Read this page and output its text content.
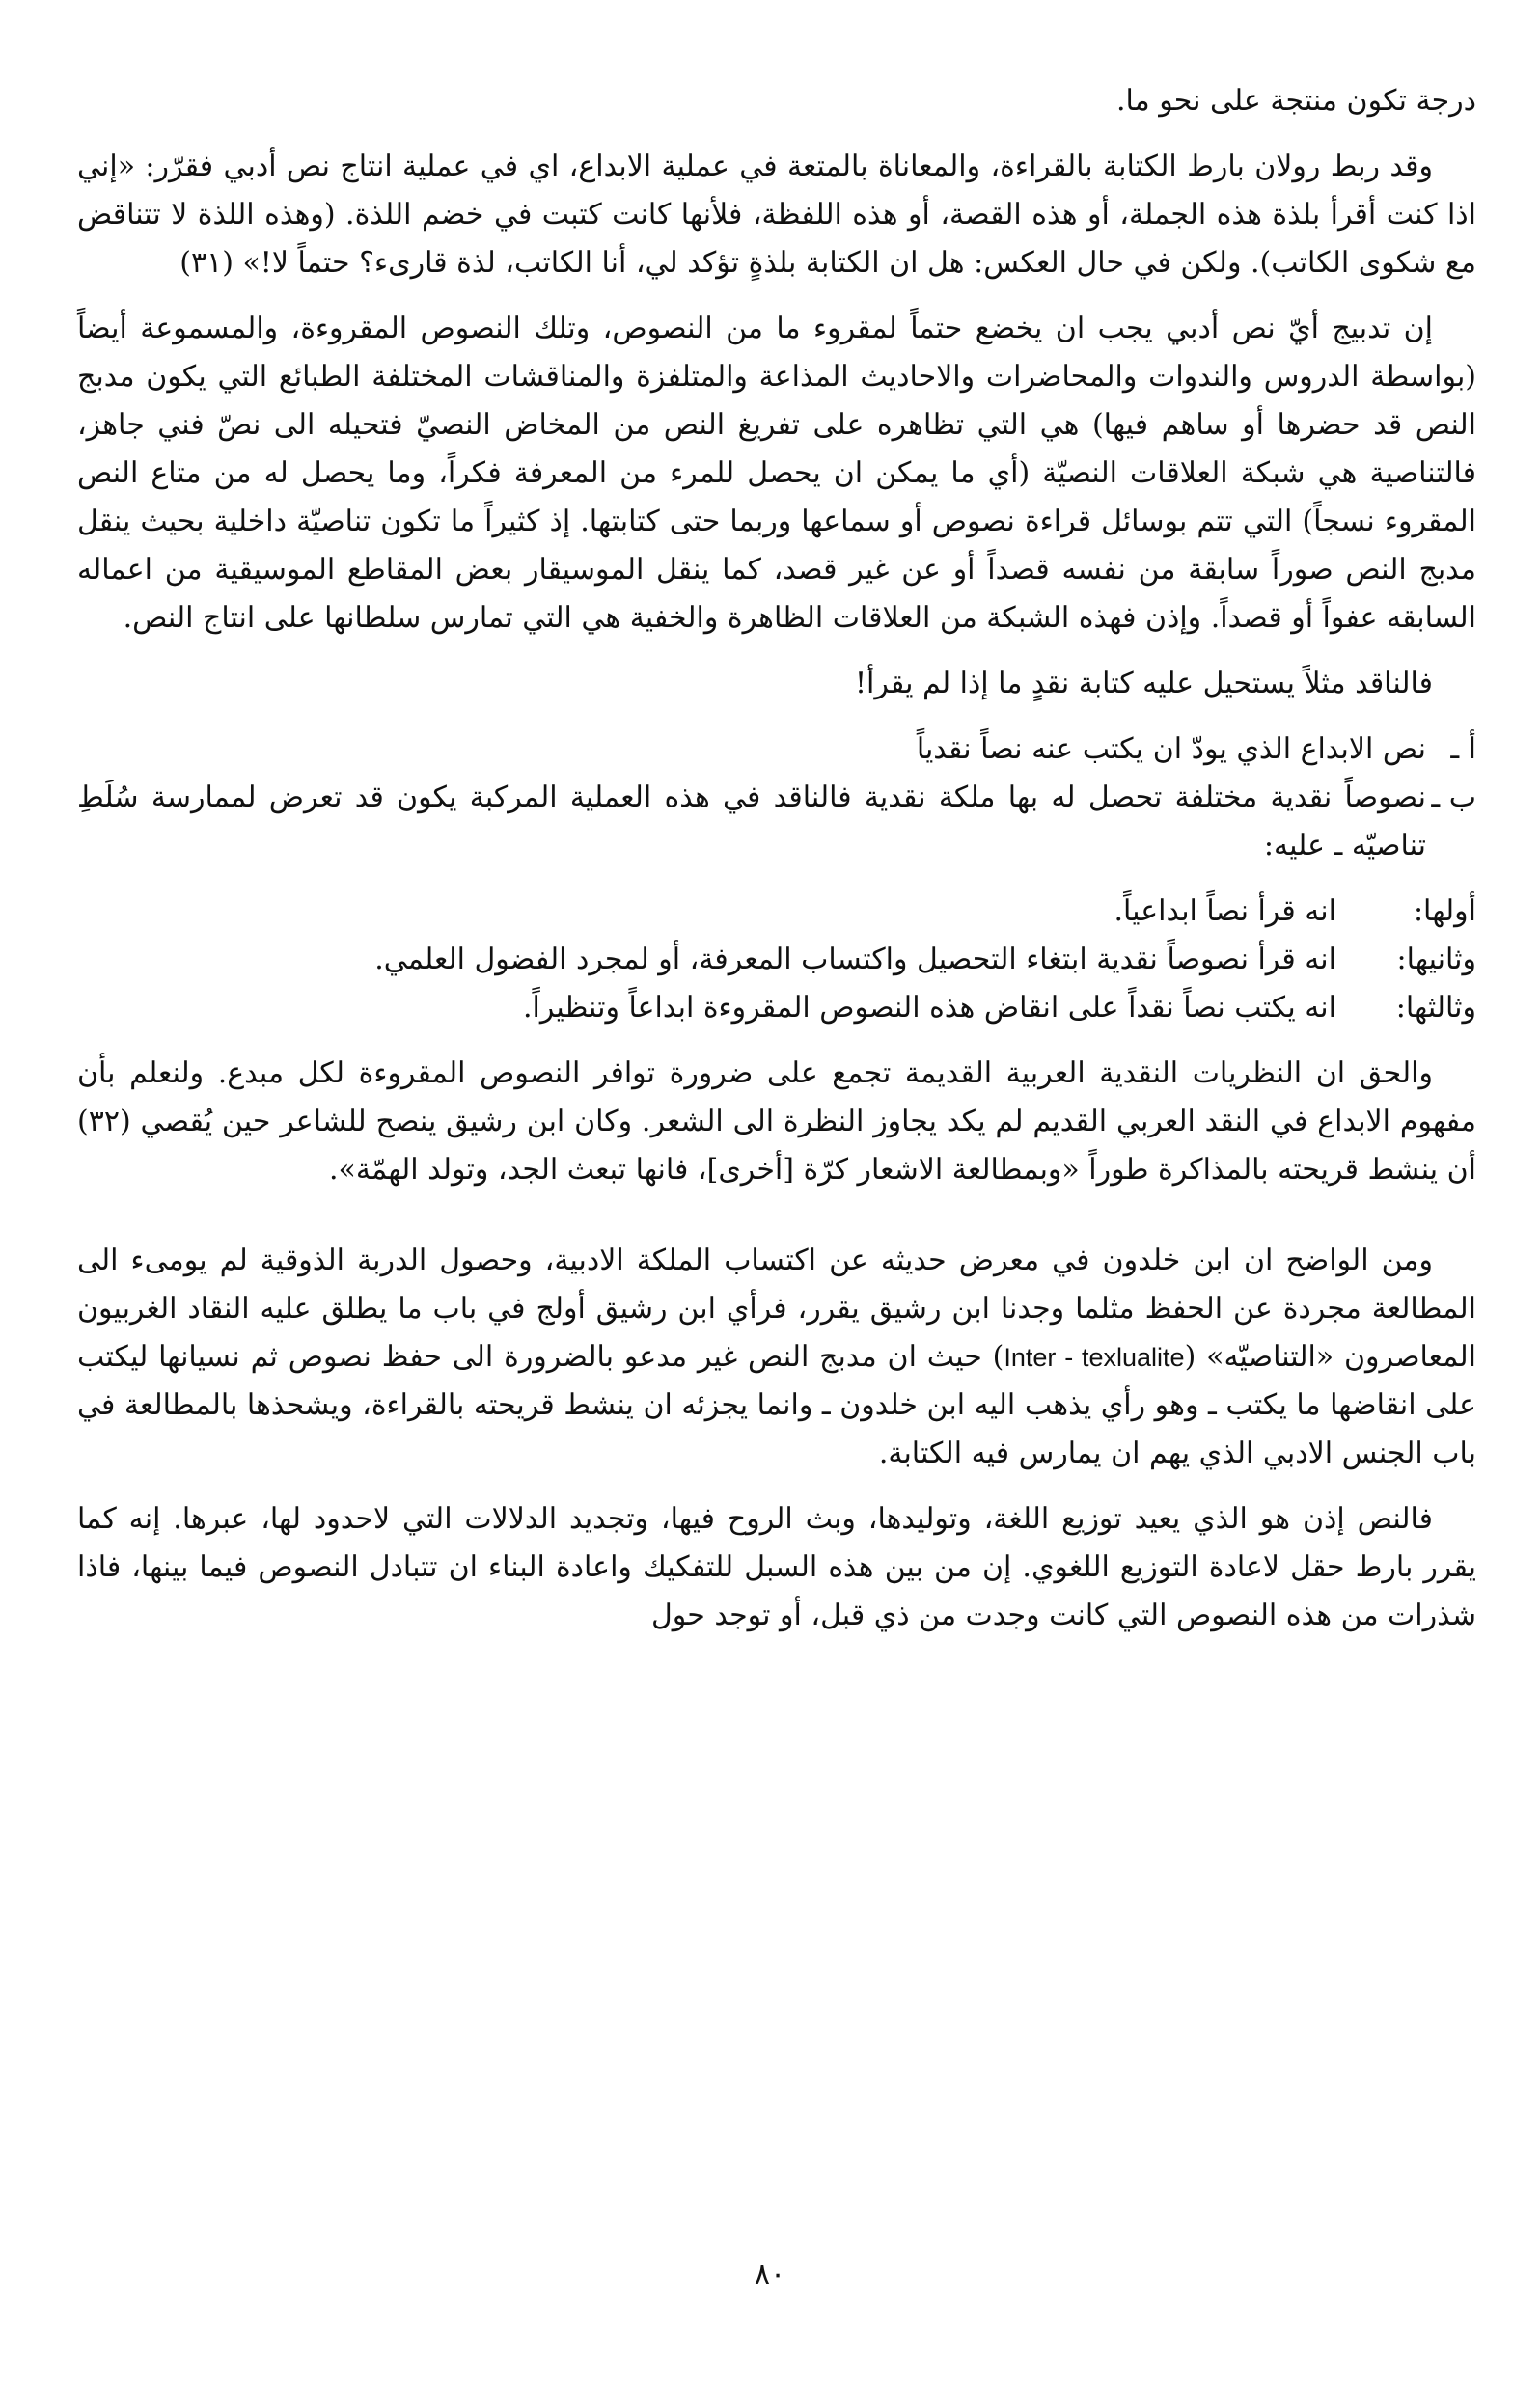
درجة تكون منتجة على نحو ما.

وقد ربط رولان بارط الكتابة بالقراءة، والمعاناة بالمتعة في عملية الابداع، اي في عملية انتاج نص أدبي فقرّر: «إني اذا كنت أقرأ بلذة هذه الجملة، أو هذه القصة، أو هذه اللفظة، فلأنها كانت كتبت في خضم اللذة. (وهذه اللذة لا تتناقض مع شكوى الكاتب). ولكن في حال العكس: هل ان الكتابة بلذةٍ تؤكد لي، أنا الكاتب، لذة قارىء؟ حتماً لا!» (٣١)

إن تدبيج أيّ نص أدبي يجب ان يخضع حتماً لمقروء ما من النصوص، وتلك النصوص المقروءة، والمسموعة أيضاً (بواسطة الدروس والندوات والمحاضرات والاحاديث المذاعة والمتلفزة والمناقشات المختلفة الطبائع التي يكون مدبج النص قد حضرها أو ساهم فيها) هي التي تظاهره على تفريغ النص من المخاض النصيّ فتحيله الى نصّ فني جاهز، فالتناصية هي شبكة العلاقات النصيّة (أي ما يمكن ان يحصل للمرء من المعرفة فكراً، وما يحصل له من متاع النص المقروء نسجاً) التي تتم بوسائل قراءة نصوص أو سماعها وربما حتى كتابتها. إذ كثيراً ما تكون تناصيّة داخلية بحيث ينقل مدبج النص صوراً سابقة من نفسه قصداً أو عن غير قصد، كما ينقل الموسيقار بعض المقاطع الموسيقية من اعماله السابقه عفواً أو قصداً. وإذن فهذه الشبكة من العلاقات الظاهرة والخفية هي التي تمارس سلطانها على انتاج النص.

فالناقد مثلاً يستحيل عليه كتابة نقدٍ ما إذا لم يقرأ!

أ ـ
نص الابداع الذي يودّ ان يكتب عنه نصاً نقدياً
ب ـ
نصوصاً نقدية مختلفة تحصل له بها ملكة نقدية فالناقد في هذه العملية المركبة يكون قد تعرض لممارسة سُلَطِ تناصيّه ـ عليه:
أولها:
انه قرأ نصاً ابداعياً.
وثانيها:
انه قرأ نصوصاً نقدية ابتغاء التحصيل واكتساب المعرفة، أو لمجرد الفضول العلمي.
وثالثها:
انه يكتب نصاً نقداً على انقاض هذه النصوص المقروءة ابداعاً وتنظيراً.

والحق ان النظريات النقدية العربية القديمة تجمع على ضرورة توافر النصوص المقروءة لكل مبدع. ولنعلم بأن مفهوم الابداع في النقد العربي القديم لم يكد يجاوز النظرة الى الشعر. وكان ابن رشيق ينصح للشاعر حين يُقصي (٣٢) أن ينشط قريحته بالمذاكرة طوراً «وبمطالعة الاشعار كرّة [أخرى]، فانها تبعث الجد، وتولد الهمّة».

ومن الواضح ان ابن خلدون في معرض حديثه عن اكتساب الملكة الادبية، وحصول الدربة الذوقية لم يومىء الى المطالعة مجردة عن الحفظ مثلما وجدنا ابن رشيق يقرر، فرأي ابن رشيق أولج في باب ما يطلق عليه النقاد الغربيون المعاصرون «التناصيّه» (Inter - texlualite) حيث ان مدبج النص غير مدعو بالضرورة الى حفظ نصوص ثم نسيانها ليكتب على انقاضها ما يكتب ـ وهو رأي يذهب اليه ابن خلدون ـ وانما يجزئه ان ينشط قريحته بالقراءة، ويشحذها بالمطالعة في باب الجنس الادبي الذي يهم ان يمارس فيه الكتابة.

فالنص إذن هو الذي يعيد توزيع اللغة، وتوليدها، وبث الروح فيها، وتجديد الدلالات التي لاحدود لها، عبرها. إنه كما يقرر بارط حقل لاعادة التوزيع اللغوي. إن من بين هذه السبل للتفكيك واعادة البناء ان تتبادل النصوص فيما بينها، فاذا شذرات من هذه النصوص التي كانت وجدت من ذي قبل، أو توجد حول

٨٠
